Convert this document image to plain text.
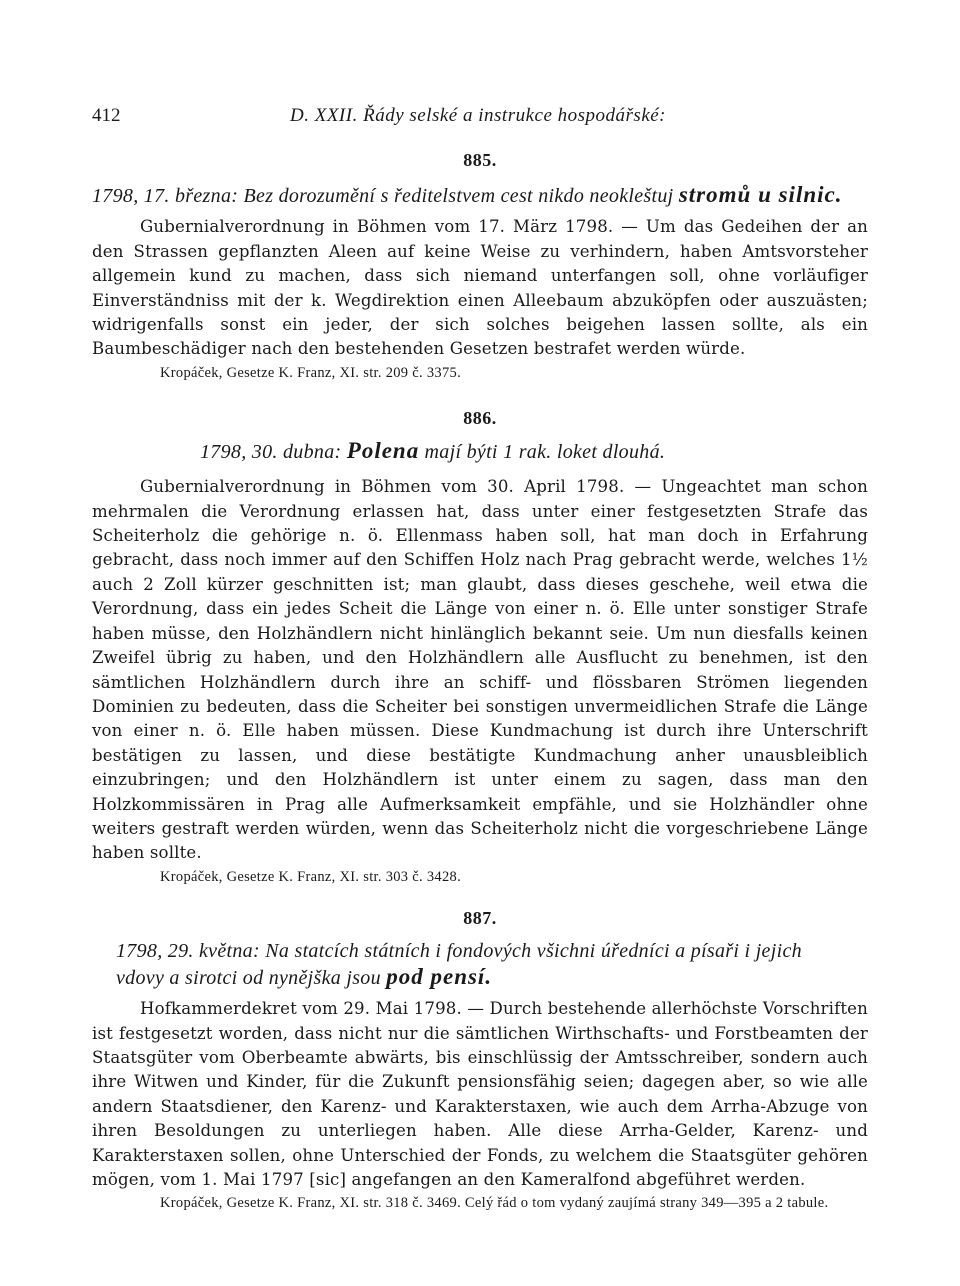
412	D. XXII. Řády selské a instrukce hospodářské:

885.

1798, 17. března: Bez dorozumění s ředitelstvem cest nikdo neokleštuj stromů u silnic.

Gubernialverordnung in Böhmen vom 17. März 1798. — Um das Gedeihen der an den Strassen gepflanzten Aleen auf keine Weise zu verhindern, haben Amtsvorsteher allgemein kund zu machen, dass sich niemand unterfangen soll, ohne vorläufiger Einverständniss mit der k. Wegdirektion einen Alleebaum abzuköpfen oder auszuästen; widrigenfalls sonst ein jeder, der sich solches beigehen lassen sollte, als ein Baumbeschädiger nach den bestehenden Gesetzen bestrafet werden würde.

Kropáček, Gesetze K. Franz, XI. str. 209 č. 3375.

886.

1798, 30. dubna: Polena mají býti 1 rak. loket dlouhá.

Gubernialverordnung in Böhmen vom 30. April 1798. — Ungeachtet man schon mehrmalen die Verordnung erlassen hat, dass unter einer festgesetzten Strafe das Scheiterholz die gehörige n. ö. Ellenmass haben soll, hat man doch in Erfahrung gebracht, dass noch immer auf den Schiffen Holz nach Prag gebracht werde, welches 1½ auch 2 Zoll kürzer geschnitten ist; man glaubt, dass dieses geschehe, weil etwa die Verordnung, dass ein jedes Scheit die Länge von einer n. ö. Elle unter sonstiger Strafe haben müsse, den Holzhändlern nicht hinlänglich bekannt seie. Um nun diesfalls keinen Zweifel übrig zu haben, und den Holzhändlern alle Ausflucht zu benehmen, ist den sämtlichen Holzhändlern durch ihre an schiff- und flössbaren Strömen liegenden Dominien zu bedeuten, dass die Scheiter bei sonstigen unvermeidlichen Strafe die Länge von einer n. ö. Elle haben müssen. Diese Kundmachung ist durch ihre Unterschrift bestätigen zu lassen, und diese bestätigte Kundmachung anher unausbleiblich einzubringen; und den Holzhändlern ist unter einem zu sagen, dass man den Holzkommissären in Prag alle Aufmerksamkeit empfähle, und sie Holzhändler ohne weiters gestraft werden würden, wenn das Scheiterholz nicht die vorgeschriebene Länge haben sollte.

Kropáček, Gesetze K. Franz, XI. str. 303 č. 3428.

887.

1798, 29. května: Na statcích státních i fondových všichni úředníci a písaři i jejich vdovy a sirotci od nynějška jsou pod pensí.

Hofkammerdekret vom 29. Mai 1798. — Durch bestehende allerhöchste Vorschriften ist festgesetzt worden, dass nicht nur die sämtlichen Wirthschafts- und Forstbeamten der Staatsgüter vom Oberbeamte abwärts, bis einschlüssig der Amtsschreiber, sondern auch ihre Witwen und Kinder, für die Zukunft pensionsfähig seien; dagegen aber, so wie alle andern Staatsdiener, den Karenz- und Karakterstaxen, wie auch dem Arrha-Abzuge von ihren Besoldungen zu unterliegen haben. Alle diese Arrha-Gelder, Karenz- und Karakterstaxen sollen, ohne Unterschied der Fonds, zu welchem die Staatsgüter gehören mögen, vom 1. Mai 1797 [sic] angefangen an den Kameralfond abgeführet werden.

Kropáček, Gesetze K. Franz, XI. str. 318 č. 3469. Celý řád o tom vydaný zaujímá strany 349—395 a 2 tabule.
